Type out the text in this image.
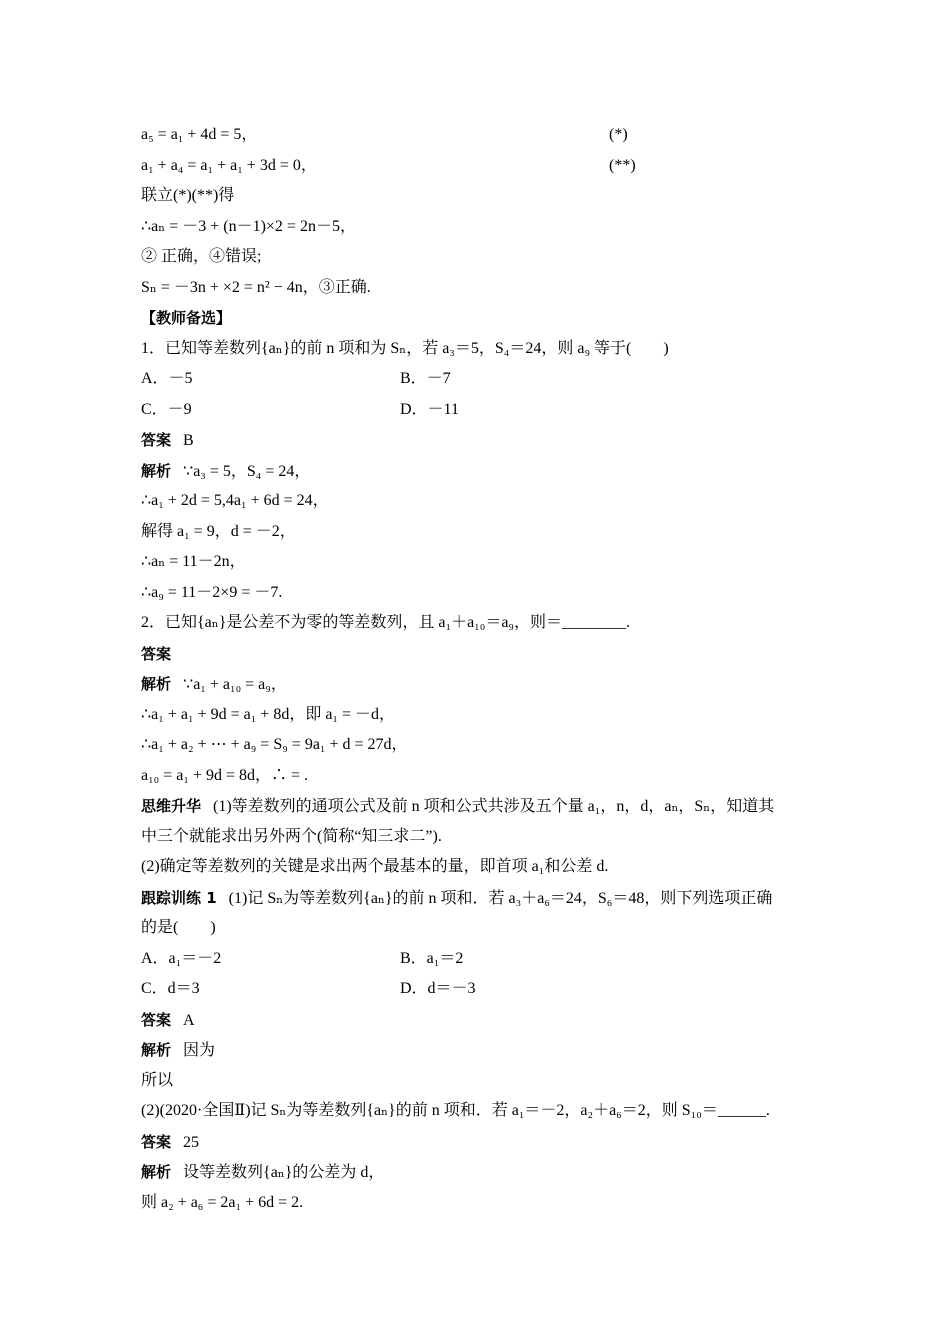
a₅ = a₁ + 4d = 5，	(*)
a₁ + a₄ = a₁ + a₁ + 3d = 0，	(**)
联立(*)(**)得
∴aₙ = －3 + (n－1)×2 = 2n－5，
② 正确，④错误;
Sₙ = －3n + ×2 = n² − 4n，③正确.
【教师备选】
1．已知等差数列{aₙ}的前 n 项和为 Sₙ，若 a₃＝5，S₄＝24，则 a₉ 等于(　　)
A．－5	B．－7
C．－9	D．－11
答案 B
解析 ∵a₃ = 5，S₄ = 24，
∴a₁ + 2d = 5,4a₁ + 6d = 24，
解得 a₁ = 9，d = －2，
∴aₙ = 11－2n，
∴a₉ = 11－2×9 = －7.
2．已知{aₙ}是公差不为零的等差数列，且 a₁＋a₁₀＝a₉，则＝________.
答案
解析 ∵a₁ + a₁₀ = a₉，
∴a₁ + a₁ + 9d = a₁ + 8d，即 a₁ = －d，
∴a₁ + a₂ + ⋯ + a₉ = S₉ = 9a₁ + d = 27d，
a₁₀ = a₁ + 9d = 8d，∴ = .
思维升华 (1)等差数列的通项公式及前 n 项和公式共涉及五个量 a₁，n，d，aₙ，Sₙ，知道其
中三个就能求出另外两个(简称“知三求二”).
(2)确定等差数列的关键是求出两个最基本的量，即首项 a₁和公差 d.
跟踪训练 1 (1)记 Sₙ为等差数列{aₙ}的前 n 项和．若 a₃＋a₆＝24，S₆＝48，则下列选项正确
的是(　　)
A．a₁＝－2	B．a₁＝2
C．d＝3	D．d＝－3
答案 A
解析 因为
所以
(2)(2020·全国Ⅱ)记 Sₙ为等差数列{aₙ}的前 n 项和．若 a₁＝－2，a₂＋a₆＝2，则 S₁₀＝______.
答案 25
解析 设等差数列{aₙ}的公差为 d，
则 a₂ + a₆ = 2a₁ + 6d = 2.
